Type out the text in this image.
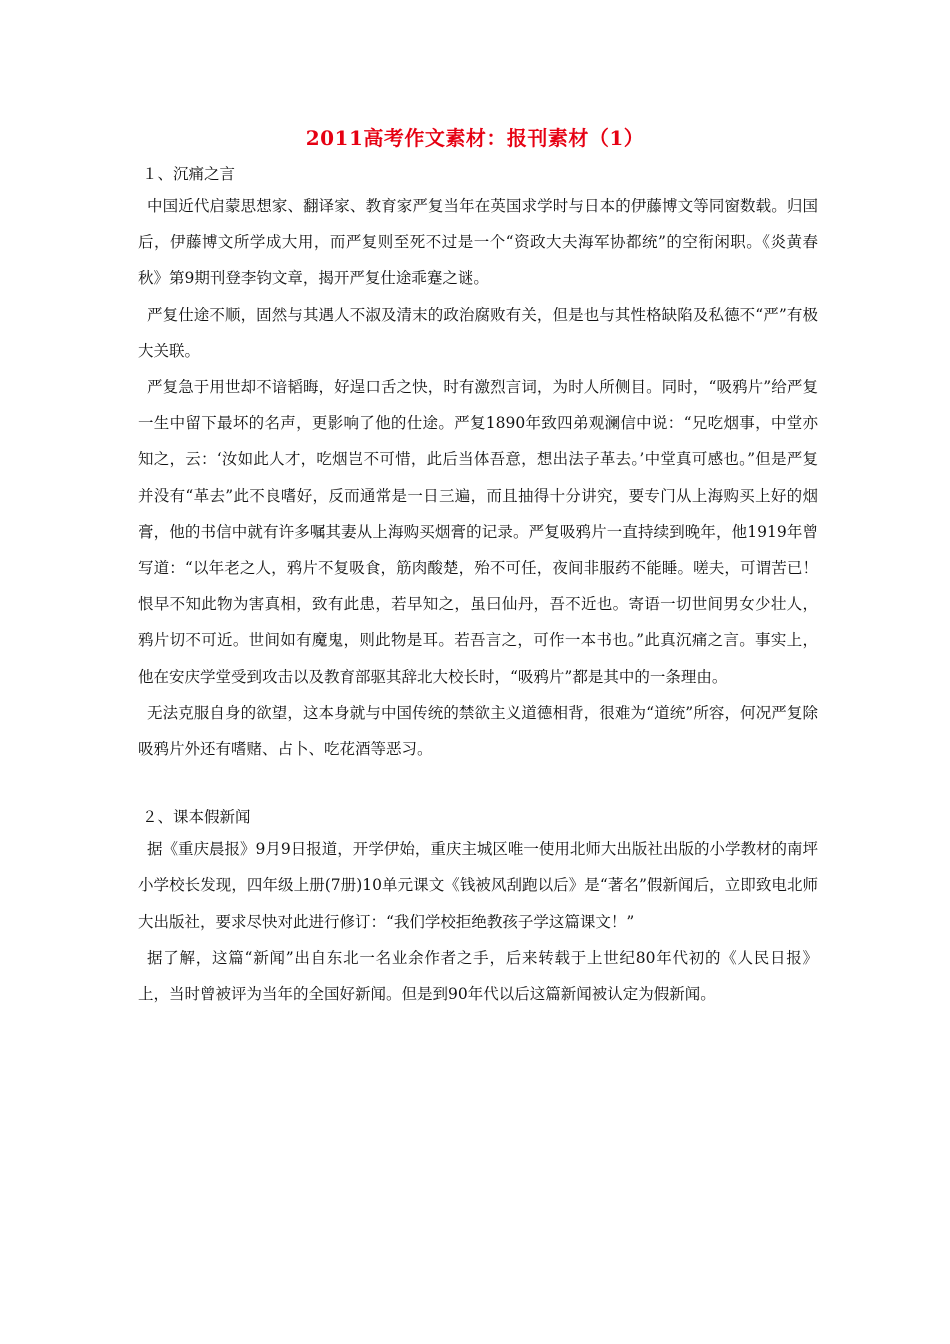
2011高考作文素材：报刊素材（1）

１、沉痛之言

中国近代启蒙思想家、翻译家、教育家严复当年在英国求学时与日本的伊藤博文等同窗数载。归国后，伊藤博文所学成大用，而严复则至死不过是一个“资政大夫海军协都统”的空衔闲职。《炎黄春秋》第9期刊登李钧文章，揭开严复仕途乖蹇之谜。

严复仕途不顺，固然与其遇人不淑及清末的政治腐败有关，但是也与其性格缺陷及私德不“严”有极大关联。

严复急于用世却不谙韬晦，好逞口舌之快，时有激烈言词，为时人所侧目。同时，“吸鸦片”给严复一生中留下最坏的名声，更影响了他的仕途。严复1890年致四弟观澜信中说：“兄吃烟事，中堂亦知之，云：‘汝如此人才，吃烟岂不可惜，此后当体吾意，想出法子革去。’中堂真可感也。”但是严复并没有“革去”此不良嗜好，反而通常是一日三遍，而且抽得十分讲究，要专门从上海购买上好的烟膏，他的书信中就有许多嘱其妻从上海购买烟膏的记录。严复吸鸦片一直持续到晚年，他1919年曾写道：“以年老之人，鸦片不复吸食，筋肉酸楚，殆不可任，夜间非服药不能睡。嗟夫，可谓苦已！恨早不知此物为害真相，致有此患，若早知之，虽曰仙丹，吾不近也。寄语一切世间男女少壮人，鸦片切不可近。世间如有魔鬼，则此物是耳。若吾言之，可作一本书也。”此真沉痛之言。事实上，他在安庆学堂受到攻击以及教育部驱其辞北大校长时，“吸鸦片”都是其中的一条理由。

无法克服自身的欲望，这本身就与中国传统的禁欲主义道德相背，很难为“道统”所容，何况严复除吸鸦片外还有嗜赌、占卜、吃花酒等恶习。

２、课本假新闻

据《重庆晨报》9月9日报道，开学伊始，重庆主城区唯一使用北师大出版社出版的小学教材的南坪小学校长发现，四年级上册(7册)10单元课文《钱被风刮跑以后》是“著名”假新闻后，立即致电北师大出版社，要求尽快对此进行修订：“我们学校拒绝教孩子学这篇课文！”

据了解，这篇“新闻”出自东北一名业余作者之手，后来转载于上世纪80年代初的《人民日报》上，当时曾被评为当年的全国好新闻。但是到90年代以后这篇新闻被认定为假新闻。
